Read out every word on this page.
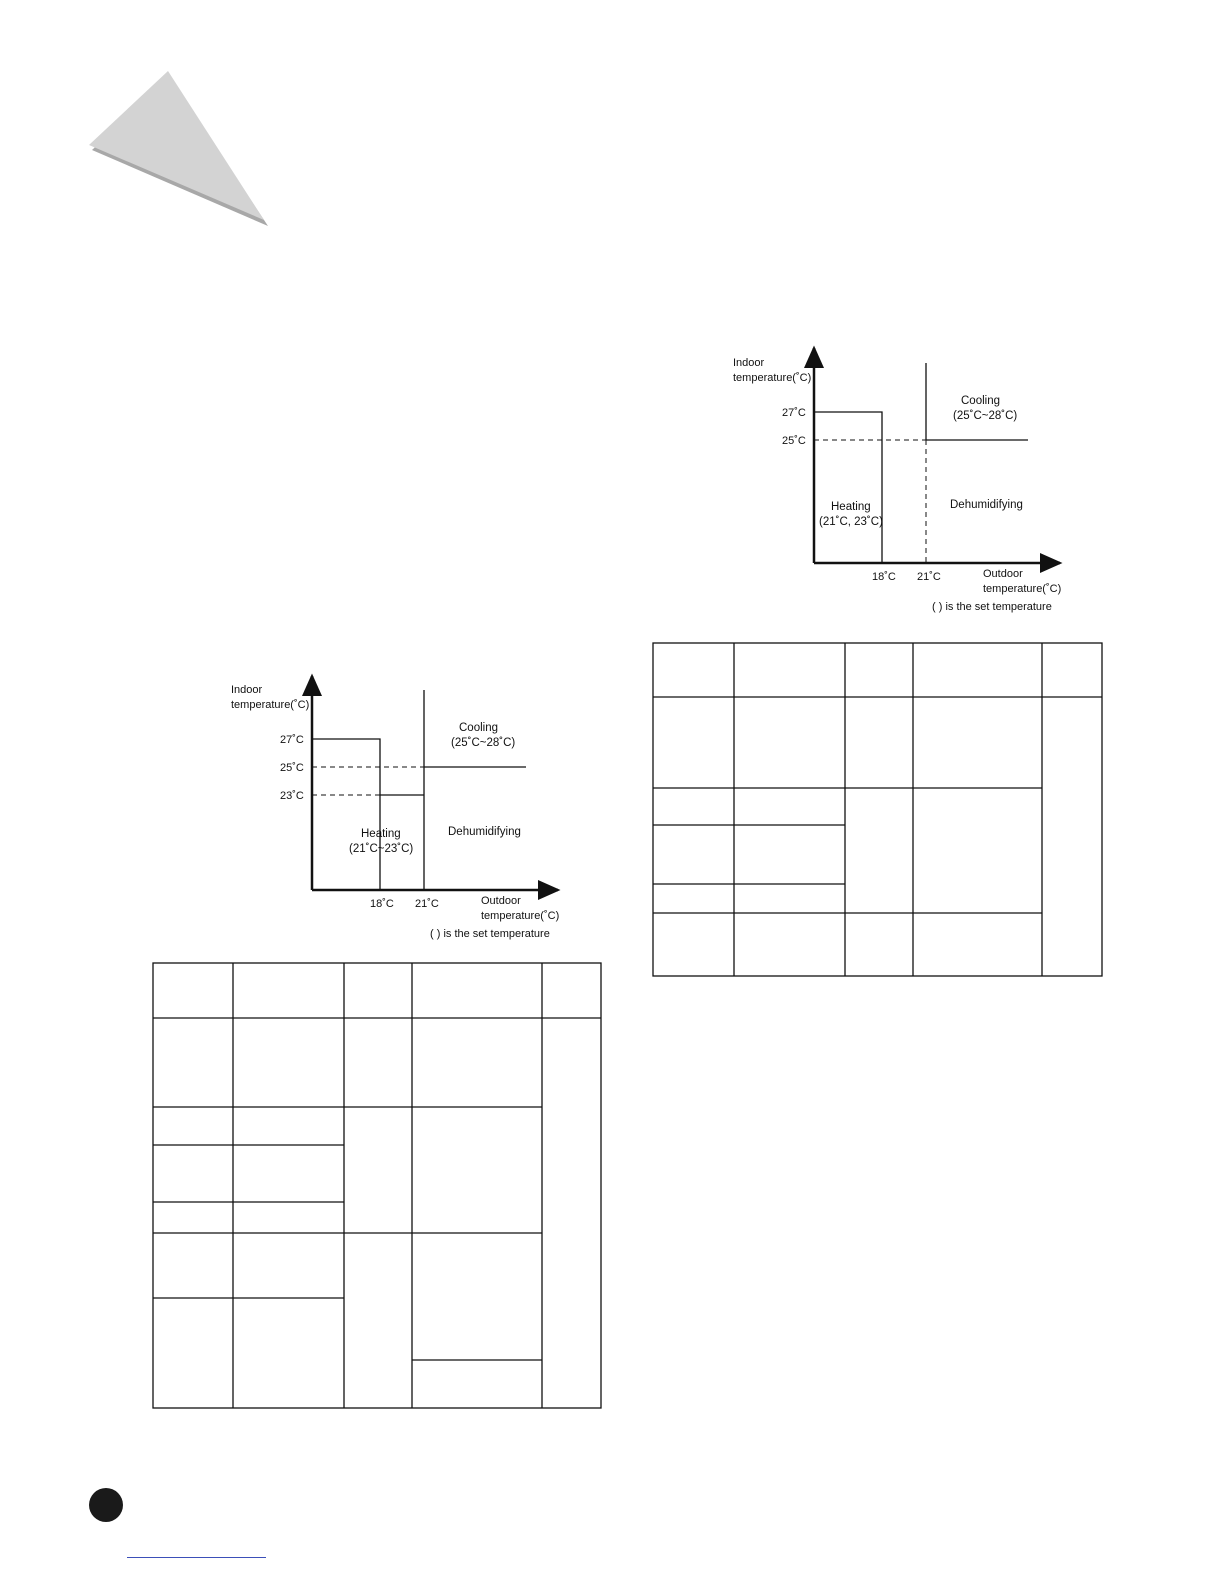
Indoor
temperature(˚C)
Outdoor
temperature(˚C)
27˚C
25˚C
23˚C
18˚C 21˚C
Cooling
(25˚C~28˚C)
Heating
(21˚C~23˚C)
Dehumidifying
( ) is the set temperature
Indoor
temperature(˚C)
Outdoor
temperature(˚C)
27˚C
25˚C
18˚C 21˚C
Cooling
(25˚C~28˚C)
Heating
(21˚C, 23˚C)
Dehumidifying
( ) is the set temperature
